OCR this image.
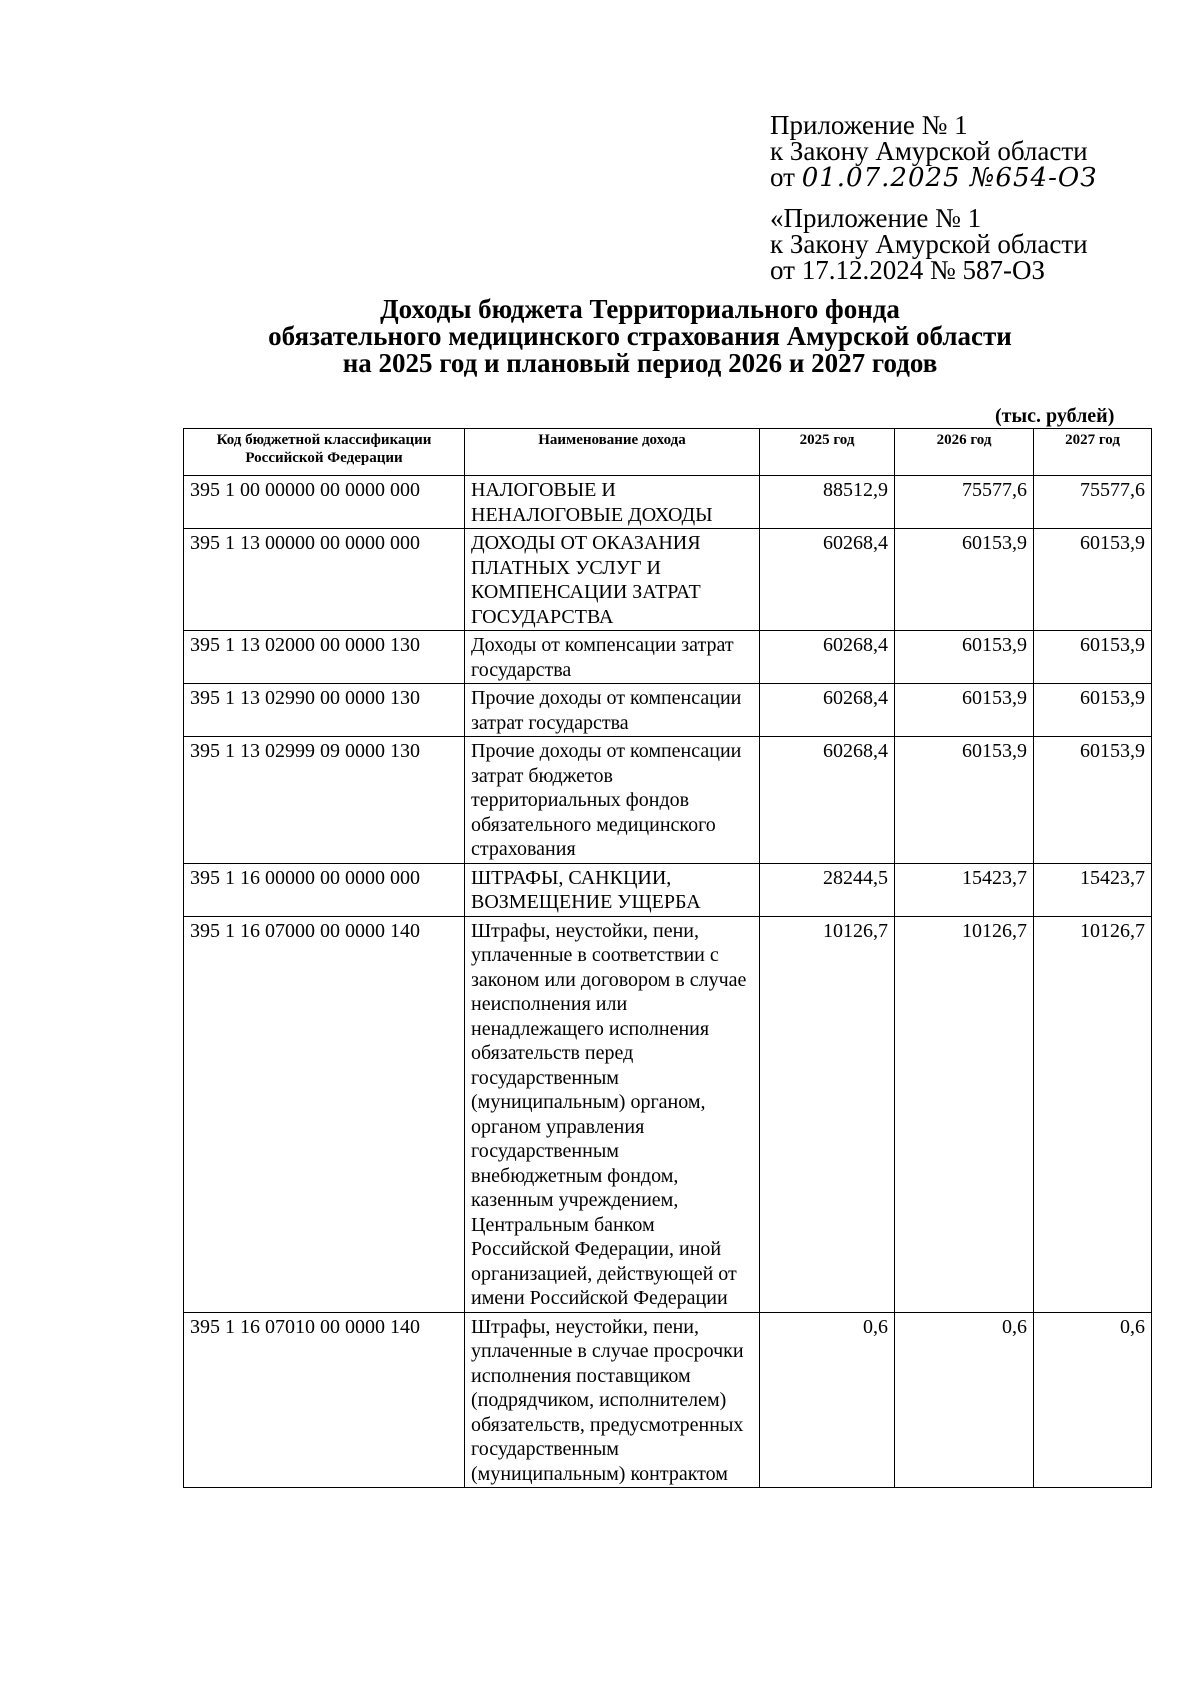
Приложение № 1
к Закону Амурской области
от 01.07.2025 №654-ОЗ
«Приложение № 1
к Закону Амурской области
от 17.12.2024 № 587-ОЗ
Доходы бюджета Территориального фонда
обязательного медицинского страхования Амурской области
на 2025 год и плановый период 2026 и 2027 годов
(тыс. рублей)
Код бюджетной классификации Российской Федерации	Наименование дохода	2025 год	2026 год	2027 год
395 1 00 00000 00 0000 000	НАЛОГОВЫЕ И НЕНАЛОГОВЫЕ ДОХОДЫ	88512,9	75577,6	75577,6
395 1 13 00000 00 0000 000	ДОХОДЫ ОТ ОКАЗАНИЯ ПЛАТНЫХ УСЛУГ И КОМПЕНСАЦИИ ЗАТРАТ ГОСУДАРСТВА	60268,4	60153,9	60153,9
395 1 13 02000 00 0000 130	Доходы от компенсации затрат государства	60268,4	60153,9	60153,9
395 1 13 02990 00 0000 130	Прочие доходы от компенсации затрат государства	60268,4	60153,9	60153,9
395 1 13 02999 09 0000 130	Прочие доходы от компенсации затрат бюджетов территориальных фондов обязательного медицинского страхования	60268,4	60153,9	60153,9
395 1 16 00000 00 0000 000	ШТРАФЫ, САНКЦИИ, ВОЗМЕЩЕНИЕ УЩЕРБА	28244,5	15423,7	15423,7
395 1 16 07000 00 0000 140	Штрафы, неустойки, пени, уплаченные в соответствии с законом или договором в случае неисполнения или ненадлежащего исполнения обязательств перед государственным (муниципальным) органом, органом управления государственным внебюджетным фондом, казенным учреждением, Центральным банком Российской Федерации, иной организацией, действующей от имени Российской Федерации	10126,7	10126,7	10126,7
395 1 16 07010 00 0000 140	Штрафы, неустойки, пени, уплаченные в случае просрочки исполнения поставщиком (подрядчиком, исполнителем) обязательств, предусмотренных государственным (муниципальным) контрактом	0,6	0,6	0,6
